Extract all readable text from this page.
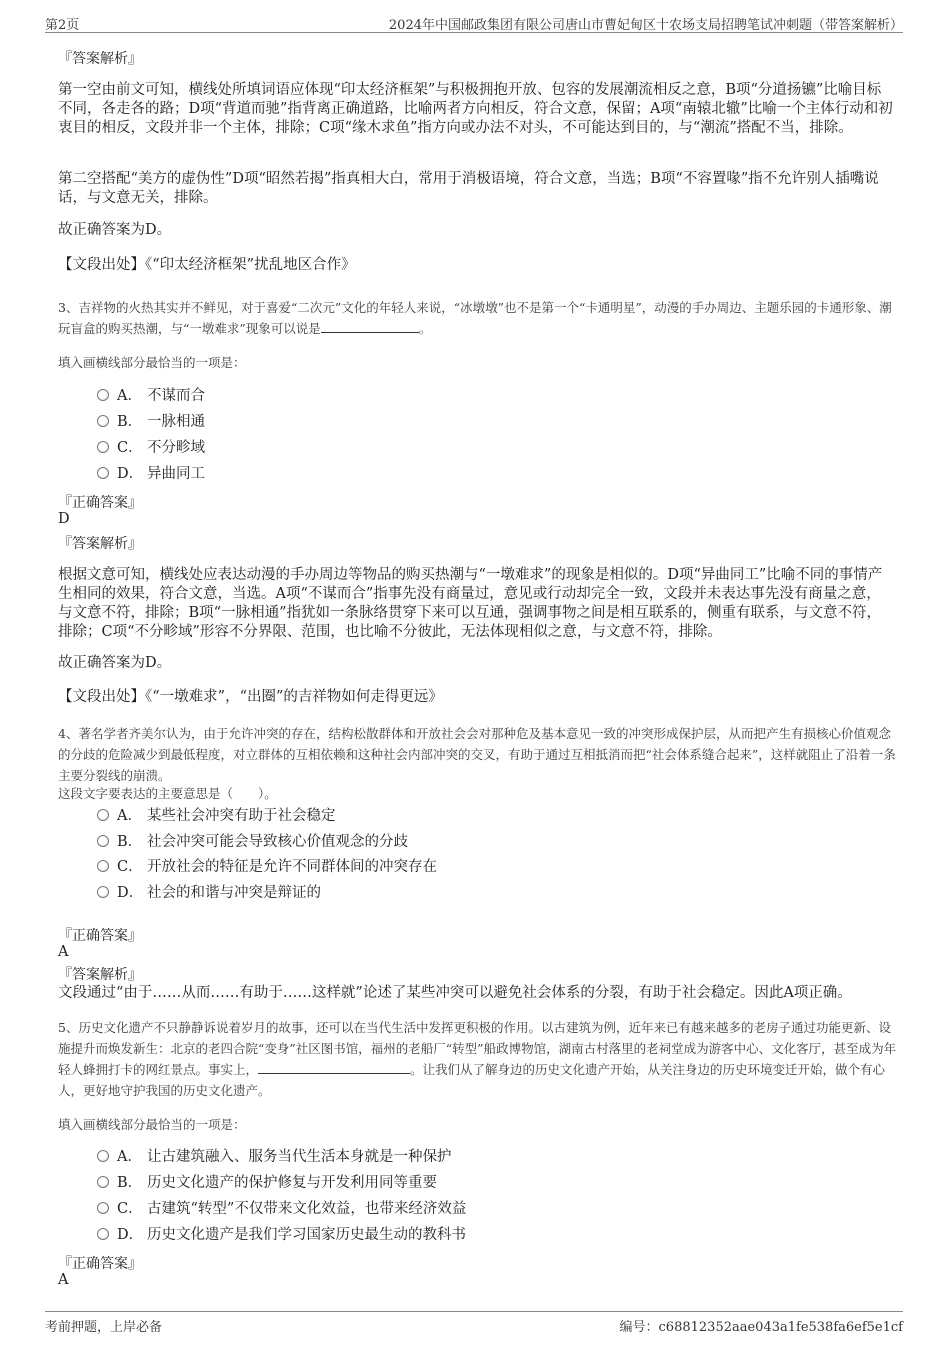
第2页	2024年中国邮政集团有限公司唐山市曹妃甸区十农场支局招聘笔试冲刺题（带答案解析）
『答案解析』
第一空由前文可知，横线处所填词语应体现“印太经济框架”与积极拥抱开放、包容的发展潮流相反之意，B项“分道扬镳”比喻目标不同，各走各的路；D项“背道而驰”指背离正确道路，比喻两者方向相反，符合文意，保留；A项“南辕北辙”比喻一个主体行动和初衷目的相反，文段并非一个主体，排除；C项“缘木求鱼”指方向或办法不对头，不可能达到目的，与“潮流”搭配不当，排除。
第二空搭配“美方的虚伪性”D项“昭然若揭”指真相大白，常用于消极语境，符合文意，当选；B项“不容置喙”指不允许别人插嘴说话，与文意无关，排除。
故正确答案为D。
【文段出处】《“印太经济框架”扰乱地区合作》
3、吉祥物的火热其实并不鲜见，对于喜爱“二次元”文化的年轻人来说，“冰墩墩”也不是第一个“卡通明星”，动漫的手办周边、主题乐园的卡通形象、潮玩盲盒的购买热潮，与“一墩难求”现象可以说是	。
填入画横线部分最恰当的一项是：
A． 不谋而合
B． 一脉相通
C． 不分畛域
D． 异曲同工
『正确答案』
D
『答案解析』
根据文意可知，横线处应表达动漫的手办周边等物品的购买热潮与“一墩难求”的现象是相似的。D项“异曲同工”比喻不同的事情产生相同的效果，符合文意，当选。A项“不谋而合”指事先没有商量过，意见或行动却完全一致，文段并未表达事先没有商量之意，与文意不符，排除；B项“一脉相通”指犹如一条脉络贯穿下来可以互通，强调事物之间是相互联系的，侧重有联系，与文意不符，排除；C项“不分畛域”形容不分界限、范围，也比喻不分彼此，无法体现相似之意，与文意不符，排除。
故正确答案为D。
【文段出处】《“一墩难求”，“出圈”的吉祥物如何走得更远》
4、著名学者齐美尔认为，由于允许冲突的存在，结构松散群体和开放社会会对那种危及基本意见一致的冲突形成保护层，从而把产生有损核心价值观念的分歧的危险减少到最低程度，对立群体的互相依赖和这种社会内部冲突的交叉，有助于通过互相抵消而把“社会体系缝合起来”，这样就阻止了沿着一条主要分裂线的崩溃。
这段文字要表达的主要意思是（　　）。
A． 某些社会冲突有助于社会稳定
B． 社会冲突可能会导致核心价值观念的分歧
C． 开放社会的特征是允许不同群体间的冲突存在
D． 社会的和谐与冲突是辩证的
『正确答案』
A
『答案解析』
文段通过“由于……从而……有助于……这样就”论述了某些冲突可以避免社会体系的分裂，有助于社会稳定。因此A项正确。
5、历史文化遗产不只静静诉说着岁月的故事，还可以在当代生活中发挥更积极的作用。以古建筑为例，近年来已有越来越多的老房子通过功能更新、设施提升而焕发新生：北京的老四合院“变身”社区图书馆，福州的老船厂“转型”船政博物馆，湖南古村落里的老祠堂成为游客中心、文化客厅，甚至成为年轻人蜂拥打卡的网红景点。事实上，	。让我们从了解身边的历史文化遗产开始，从关注身边的历史环境变迁开始，做个有心人，更好地守护我国的历史文化遗产。
填入画横线部分最恰当的一项是：
A． 让古建筑融入、服务当代生活本身就是一种保护
B． 历史文化遗产的保护修复与开发利用同等重要
C． 古建筑“转型”不仅带来文化效益，也带来经济效益
D． 历史文化遗产是我们学习国家历史最生动的教科书
『正确答案』
A
考前押题，上岸必备	编号：c68812352aae043a1fe538fa6ef5e1cf
